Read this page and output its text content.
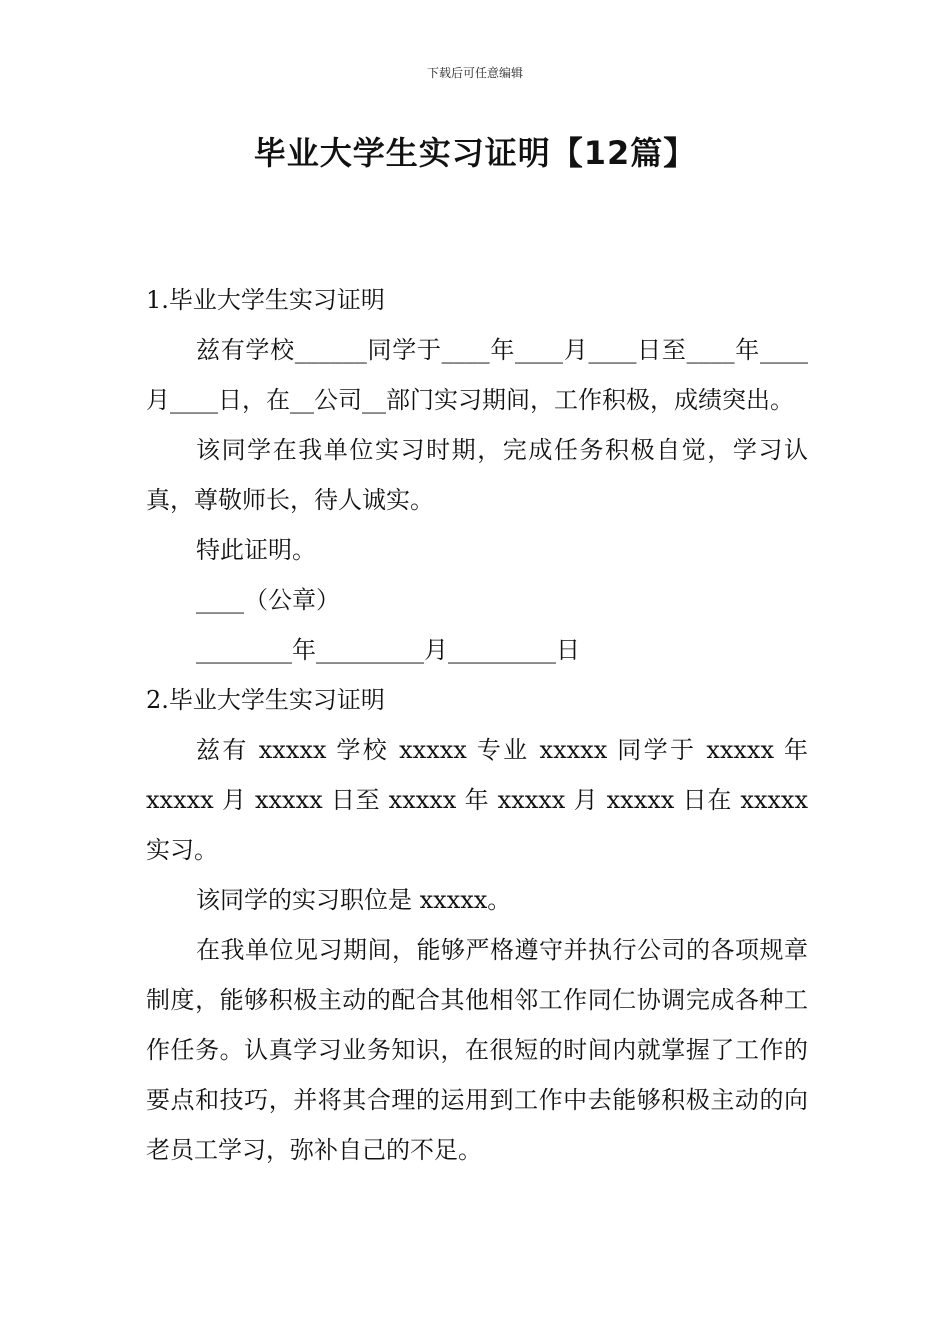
下载后可任意编辑
毕业大学生实习证明【12篇】

1.毕业大学生实习证明

兹有学校______同学于____年____月____日至____年____月____日，在__公司__部门实习期间，工作积极，成绩突出。

该同学在我单位实习时期，完成任务积极自觉，学习认真，尊敬师长，待人诚实。

特此证明。

____（公章）

________年_________月_________日

2.毕业大学生实习证明

兹有 xxxxx 学校 xxxxx 专业 xxxxx 同学于 xxxxx 年 xxxxx 月 xxxxx 日至 xxxxx 年 xxxxx 月 xxxxx 日在 xxxxx 实习。

该同学的实习职位是 xxxxx。

在我单位见习期间，能够严格遵守并执行公司的各项规章制度，能够积极主动的配合其他相邻工作同仁协调完成各种工作任务。认真学习业务知识，在很短的时间内就掌握了工作的要点和技巧，并将其合理的运用到工作中去能够积极主动的向老员工学习，弥补自己的不足。
